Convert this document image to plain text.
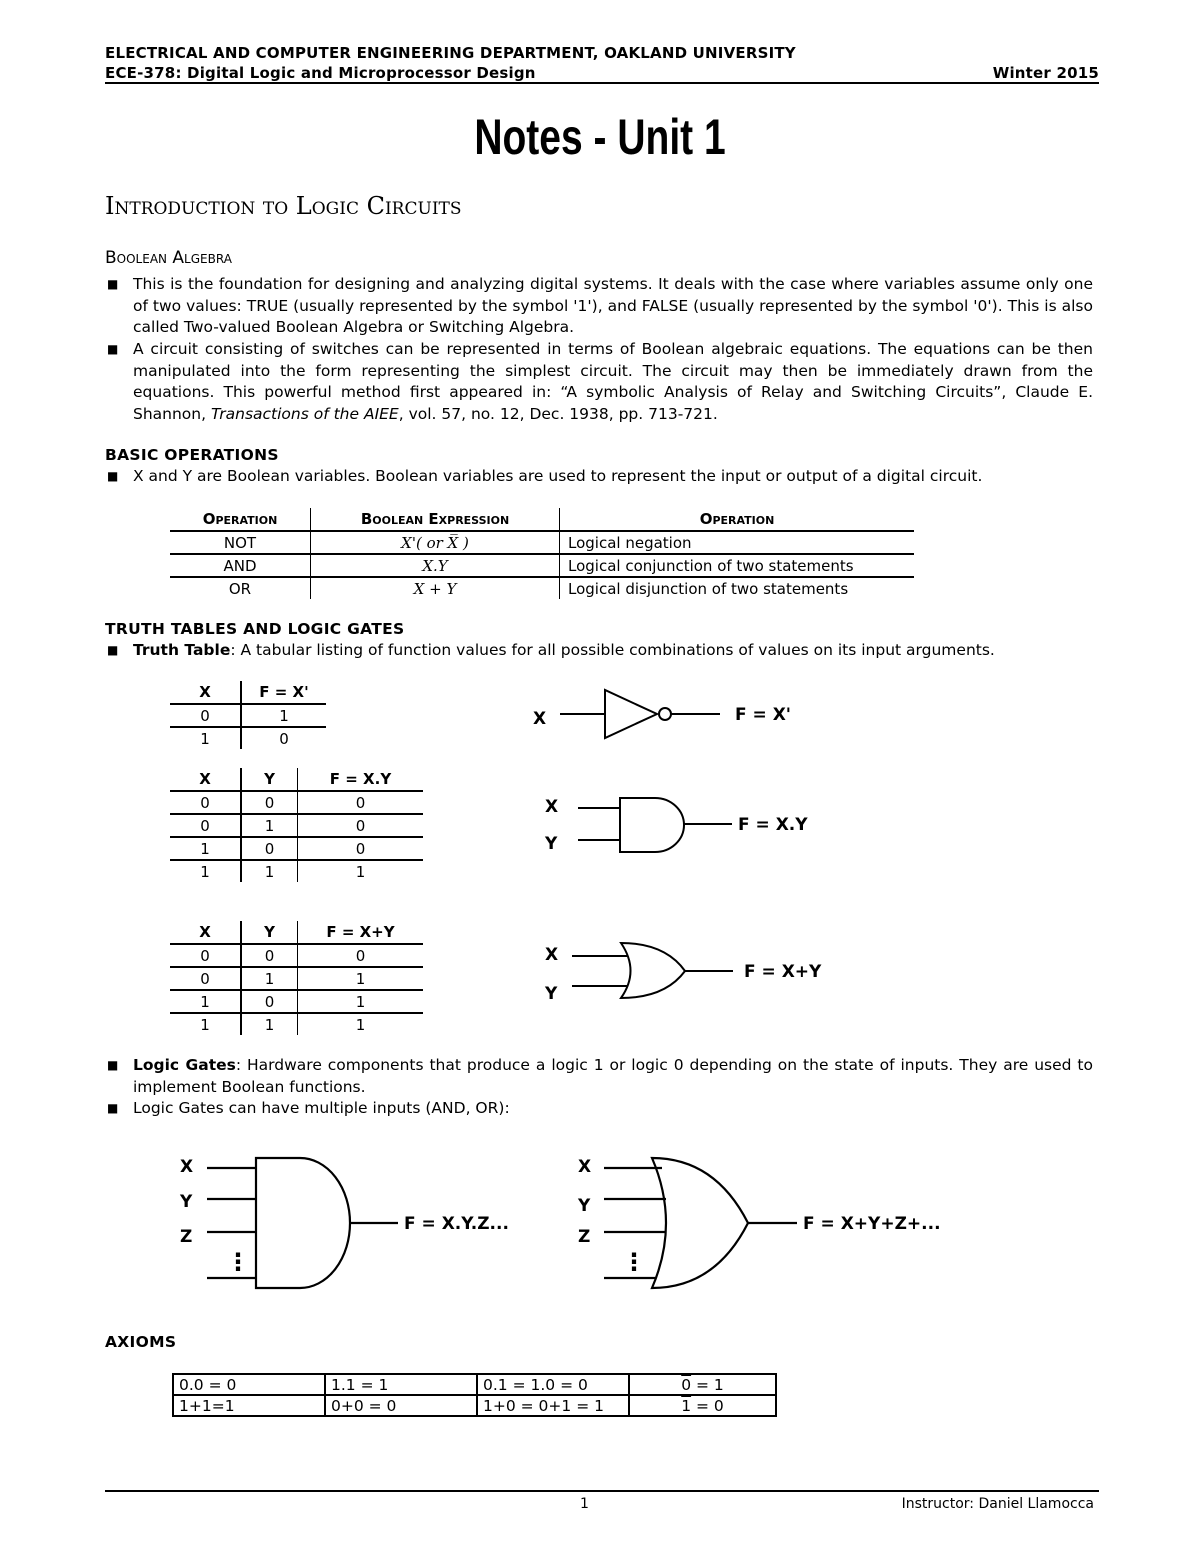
ELECTRICAL AND COMPUTER ENGINEERING DEPARTMENT, OAKLAND UNIVERSITY
ECE-378: Digital Logic and Microprocessor Design	Winter 2015
Notes - Unit 1
Introduction to Logic Circuits
Boolean Algebra
■ This is the foundation for designing and analyzing digital systems. It deals with the case where variables assume only one of two values: TRUE (usually represented by the symbol '1'), and FALSE (usually represented by the symbol '0'). This is also called Two-valued Boolean Algebra or Switching Algebra.
■ A circuit consisting of switches can be represented in terms of Boolean algebraic equations. The equations can be then manipulated into the form representing the simplest circuit. The circuit may then be immediately drawn from the equations. This powerful method first appeared in: “A symbolic Analysis of Relay and Switching Circuits”, Claude E. Shannon, Transactions of the AIEE, vol. 57, no. 12, Dec. 1938, pp. 713-721.
BASIC OPERATIONS
■ X and Y are Boolean variables. Boolean variables are used to represent the input or output of a digital circuit.
Operation	Boolean Expression	Operation
NOT	X'( or X̅ )	Logical negation
AND	X.Y	Logical conjunction of two statements
OR	X + Y	Logical disjunction of two statements
TRUTH TABLES AND LOGIC GATES
■ Truth Table: A tabular listing of function values for all possible combinations of values on its input arguments.
X	F = X'
0	1
1	0
X	Y	F = X.Y
0	0	0
0	1	0
1	0	0
1	1	1
X	Y	F = X+Y
0	0	0
0	1	1
1	0	1
1	1	1
X	F = X'
X
Y
F = X.Y
X
Y
F = X+Y
X
Y
Z
⋮
F = X.Y.Z...
X
Y
Z
⋮
F = X+Y+Z+...
■ Logic Gates: Hardware components that produce a logic 1 or logic 0 depending on the state of inputs. They are used to implement Boolean functions.
■ Logic Gates can have multiple inputs (AND, OR):
AXIOMS
0.0 = 0	1.1 = 1	0.1 = 1.0 = 0	0 = 1
1+1=1	0+0 = 0	1+0 = 0+1 = 1	1 = 0
1	Instructor: Daniel Llamocca
